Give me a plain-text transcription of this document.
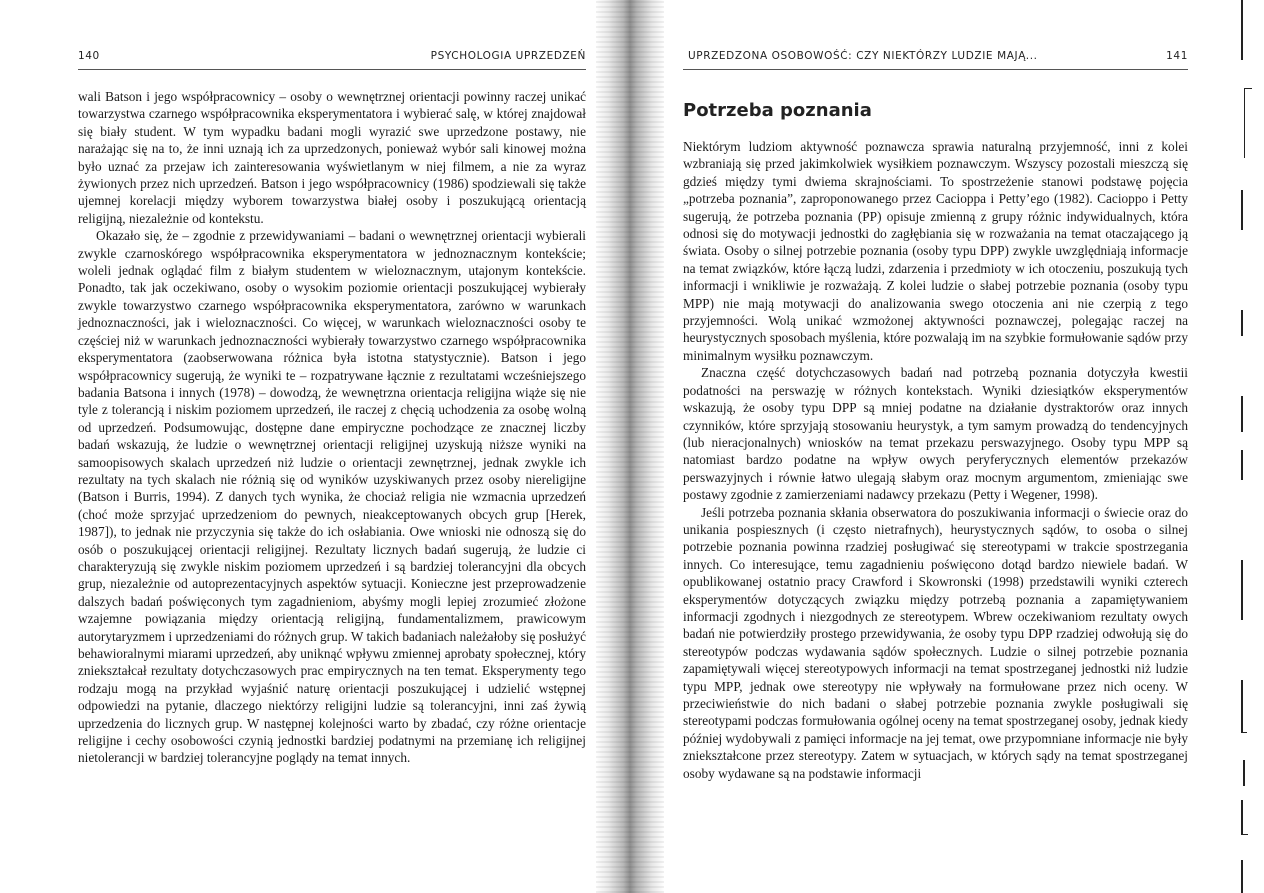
140	PSYCHOLOGIA UPRZEDZEŃ

wali Batson i jego współpracownicy – osoby o wewnętrznej orientacji powinny raczej unikać towarzystwa czarnego współpracownika eksperymentatora i wybierać salę, w której znajdował się biały student. W tym wypadku badani mogli wyrazić swe uprzedzone postawy, nie narażając się na to, że inni uznają ich za uprzedzonych, ponieważ wybór sali kinowej można było uznać za przejaw ich zainteresowania wyświetlanym w niej filmem, a nie za wyraz żywionych przez nich uprzedzeń. Batson i jego współpracownicy (1986) spodziewali się także ujemnej korelacji między wyborem towarzystwa białej osoby i poszukującą orientacją religijną, niezależnie od kontekstu.

Okazało się, że – zgodnie z przewidywaniami – badani o wewnętrznej orientacji wybierali zwykle czarnoskórego współpracownika eksperymentatora w jednoznacznym kontekście; woleli jednak oglądać film z białym studentem w wieloznacznym, utajonym kontekście. Ponadto, tak jak oczekiwano, osoby o wysokim poziomie orientacji poszukującej wybierały zwykle towarzystwo czarnego współpracownika eksperymentatora, zarówno w warunkach jednoznaczności, jak i wieloznaczności. Co więcej, w warunkach wieloznaczności osoby te częściej niż w warunkach jednoznaczności wybierały towarzystwo czarnego współpracownika eksperymentatora (zaobserwowana różnica była istotna statystycznie). Batson i jego współpracownicy sugerują, że wyniki te – rozpatrywane łącznie z rezultatami wcześniejszego badania Batsona i innych (1978) – dowodzą, że wewnętrzna orientacja religijna wiąże się nie tyle z tolerancją i niskim poziomem uprzedzeń, ile raczej z chęcią uchodzenia za osobę wolną od uprzedzeń. Podsumowując, dostępne dane empiryczne pochodzące ze znacznej liczby badań wskazują, że ludzie o wewnętrznej orientacji religijnej uzyskują niższe wyniki na samoopisowych skalach uprzedzeń niż ludzie o orientacji zewnętrznej, jednak zwykle ich rezultaty na tych skalach nie różnią się od wyników uzyskiwanych przez osoby niereligijne (Batson i Burris, 1994). Z danych tych wynika, że chociaż religia nie wzmacnia uprzedzeń (choć może sprzyjać uprzedzeniom do pewnych, nieakceptowanych obcych grup [Herek, 1987]), to jednak nie przyczynia się także do ich osłabiania. Owe wnioski nie odnoszą się do osób o poszukującej orientacji religijnej. Rezultaty licznych badań sugerują, że ludzie ci charakteryzują się zwykle niskim poziomem uprzedzeń i są bardziej tolerancyjni dla obcych grup, niezależnie od autoprezentacyjnych aspektów sytuacji. Konieczne jest przeprowadzenie dalszych badań poświęconych tym zagadnieniom, abyśmy mogli lepiej zrozumieć złożone wzajemne powiązania między orientacją religijną, fundamentalizmem, prawicowym autorytaryzmem i uprzedzeniami do różnych grup. W takich badaniach należałoby się posłużyć behawioralnymi miarami uprzedzeń, aby uniknąć wpływu zmiennej aprobaty społecznej, który zniekształcał rezultaty dotychczasowych prac empirycznych na ten temat. Eksperymenty tego rodzaju mogą na przykład wyjaśnić naturę orientacji poszukującej i udzielić wstępnej odpowiedzi na pytanie, dlaczego niektórzy religijni ludzie są tolerancyjni, inni zaś żywią uprzedzenia do licznych grup. W następnej kolejności warto by zbadać, czy różne orientacje religijne i cechy osobowości czynią jednostki bardziej podatnymi na przemianę ich religijnej nietolerancji w bardziej tolerancyjne poglądy na temat innych.

UPRZEDZONA OSOBOWOŚĆ: CZY NIEKTÓRZY LUDZIE MAJĄ...	141
Potrzeba poznania

Niektórym ludziom aktywność poznawcza sprawia naturalną przyjemność, inni z kolei wzbraniają się przed jakimkolwiek wysiłkiem poznawczym. Wszyscy pozostali mieszczą się gdzieś między tymi dwiema skrajnościami. To spostrzeżenie stanowi podstawę pojęcia „potrzeba poznania”, zaproponowanego przez Cacioppa i Petty’ego (1982). Cacioppo i Petty sugerują, że potrzeba poznania (PP) opisuje zmienną z grupy różnic indywidualnych, która odnosi się do motywacji jednostki do zagłębiania się w rozważania na temat otaczającego ją świata. Osoby o silnej potrzebie poznania (osoby typu DPP) zwykle uwzględniają informacje na temat związków, które łączą ludzi, zdarzenia i przedmioty w ich otoczeniu, poszukują tych informacji i wnikliwie je rozważają. Z kolei ludzie o słabej potrzebie poznania (osoby typu MPP) nie mają motywacji do analizowania swego otoczenia ani nie czerpią z tego przyjemności. Wolą unikać wzmożonej aktywności poznawczej, polegając raczej na heurystycznych sposobach myślenia, które pozwalają im na szybkie formułowanie sądów przy minimalnym wysiłku poznawczym.

Znaczna część dotychczasowych badań nad potrzebą poznania dotyczyła kwestii podatności na perswazję w różnych kontekstach. Wyniki dziesiątków eksperymentów wskazują, że osoby typu DPP są mniej podatne na działanie dystraktorów oraz innych czynników, które sprzyjają stosowaniu heurystyk, a tym samym prowadzą do tendencyjnych (lub nieracjonalnych) wniosków na temat przekazu perswazyjnego. Osoby typu MPP są natomiast bardzo podatne na wpływ owych peryferycznych elementów przekazów perswazyjnych i równie łatwo ulegają słabym oraz mocnym argumentom, zmieniając swe postawy zgodnie z zamierzeniami nadawcy przekazu (Petty i Wegener, 1998).

Jeśli potrzeba poznania skłania obserwatora do poszukiwania informacji o świecie oraz do unikania pospiesznych (i często nietrafnych), heurystycznych sądów, to osoba o silnej potrzebie poznania powinna rzadziej posługiwać się stereotypami w trakcie spostrzegania innych. Co interesujące, temu zagadnieniu poświęcono dotąd bardzo niewiele badań. W opublikowanej ostatnio pracy Crawford i Skowronski (1998) przedstawili wyniki czterech eksperymentów dotyczących związku między potrzebą poznania a zapamiętywaniem informacji zgodnych i niezgodnych ze stereotypem. Wbrew oczekiwaniom rezultaty owych badań nie potwierdziły prostego przewidywania, że osoby typu DPP rzadziej odwołują się do stereotypów podczas wydawania sądów społecznych. Ludzie o silnej potrzebie poznania zapamiętywali więcej stereotypowych informacji na temat spostrzeganej jednostki niż ludzie typu MPP, jednak owe stereotypy nie wpływały na formułowane przez nich oceny. W przeciwieństwie do nich badani o słabej potrzebie poznania zwykle posługiwali się stereotypami podczas formułowania ogólnej oceny na temat spostrzeganej osoby, jednak kiedy później wydobywali z pamięci informacje na jej temat, owe przypomniane informacje nie były zniekształcone przez stereotypy. Zatem w sytuacjach, w których sądy na temat spostrzeganej osoby wydawane są na podstawie informacji
